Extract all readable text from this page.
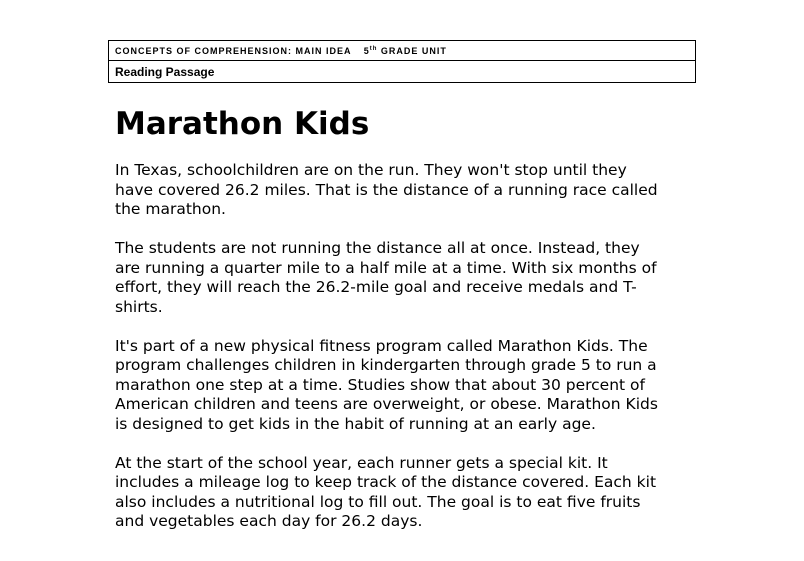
CONCEPTS OF COMPREHENSION: MAIN IDEA 5th GRADE UNIT
Reading Passage
Marathon Kids

In Texas, schoolchildren are on the run. They won't stop until they
have covered 26.2 miles. That is the distance of a running race called
the marathon.

The students are not running the distance all at once. Instead, they
are running a quarter mile to a half mile at a time. With six months of
effort, they will reach the 26.2-mile goal and receive medals and T-
shirts.

It's part of a new physical fitness program called Marathon Kids. The
program challenges children in kindergarten through grade 5 to run a
marathon one step at a time. Studies show that about 30 percent of
American children and teens are overweight, or obese. Marathon Kids
is designed to get kids in the habit of running at an early age.

At the start of the school year, each runner gets a special kit. It
includes a mileage log to keep track of the distance covered. Each kit
also includes a nutritional log to fill out. The goal is to eat five fruits
and vegetables each day for 26.2 days.
